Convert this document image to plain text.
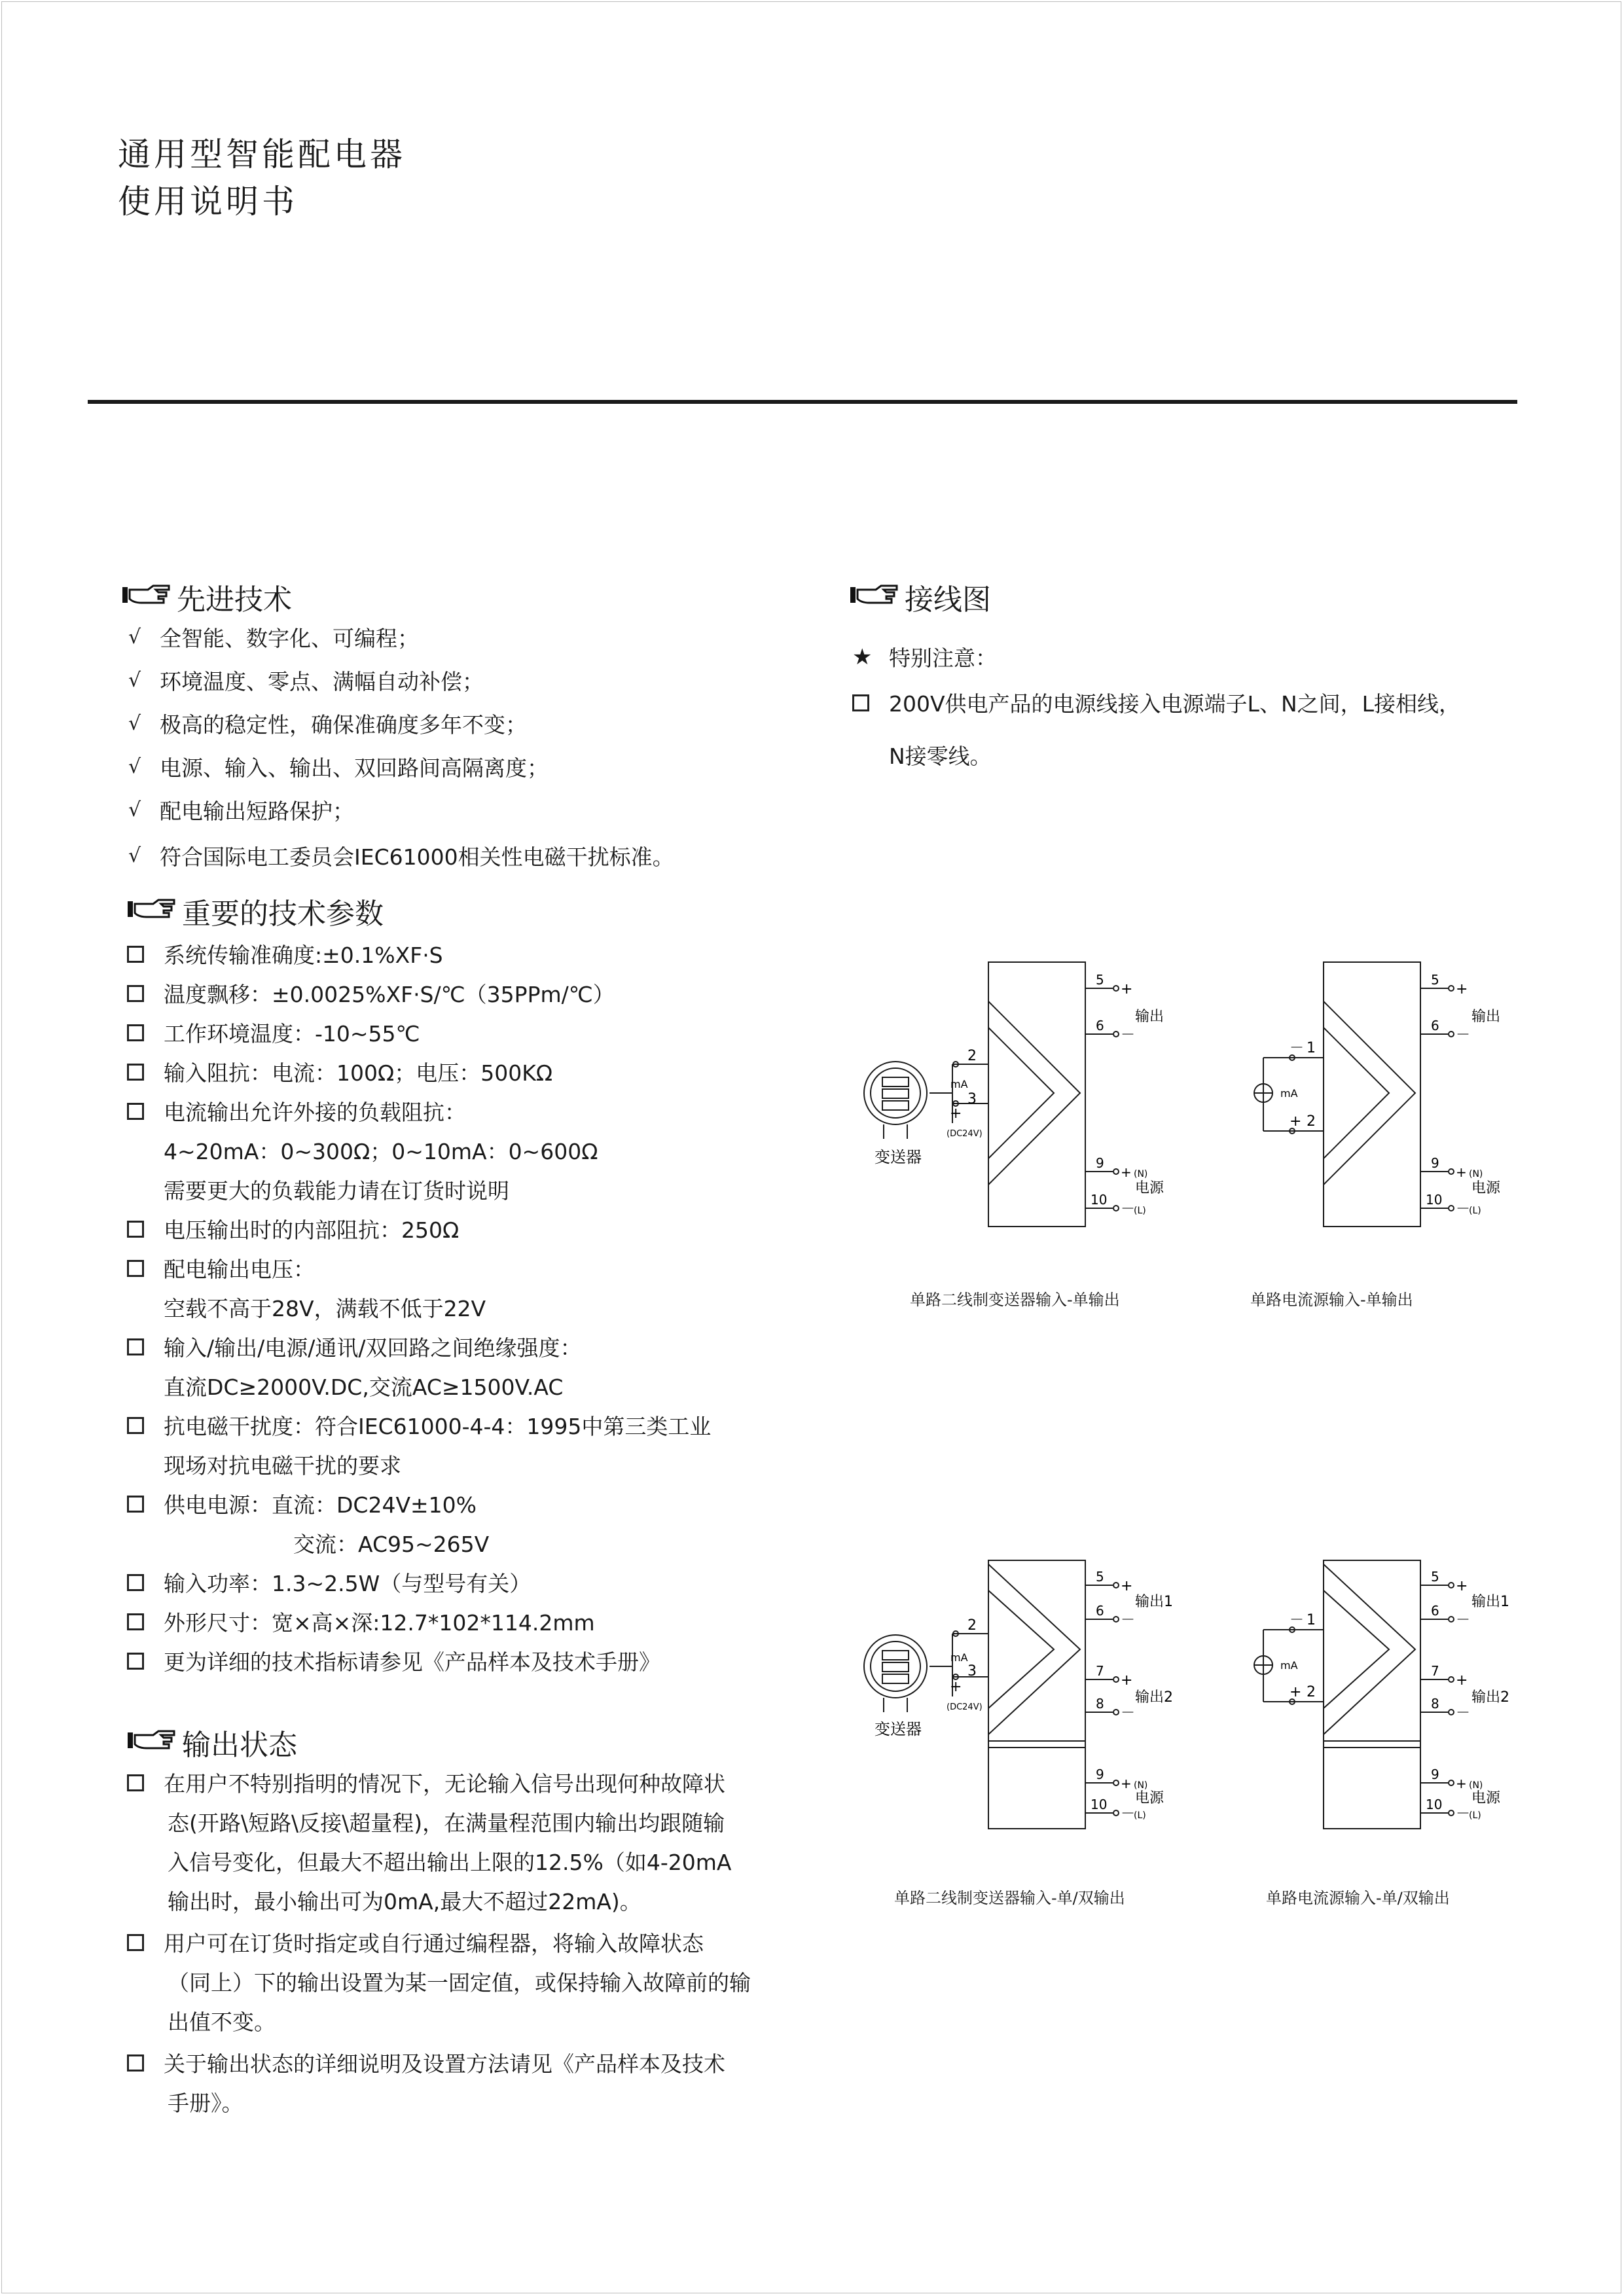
通用型智能配电器
使用说明书
先进技术
√ 全智能、数字化、可编程；
√ 环境温度、零点、满幅自动补偿；
√ 极高的稳定性，确保准确度多年不变；
√ 电源、输入、输出、双回路间高隔离度；
√ 配电输出短路保护；
√ 符合国际电工委员会IEC61000相关性电磁干扰标准。
重要的技术参数
系统传输准确度:±0.1%XF·S
温度飘移：±0.0025%XF·S/℃（35PPm/℃）
工作环境温度：-10~55℃
输入阻抗：电流：100Ω；电压：500KΩ
电流输出允许外接的负载阻抗：
4~20mA：0~300Ω；0~10mA：0~600Ω
需要更大的负载能力请在订货时说明
电压输出时的内部阻抗：250Ω
配电输出电压：
空载不高于28V，满载不低于22V
输入/输出/电源/通讯/双回路之间绝缘强度：
直流DC≥2000V.DC,交流AC≥1500V.AC
抗电磁干扰度：符合IEC61000-4-4：1995中第三类工业
现场对抗电磁干扰的要求
供电电源：直流：DC24V±10%
交流：AC95~265V
输入功率：1.3~2.5W（与型号有关）
外形尺寸：宽×高×深:12.7*102*114.2mm
更为详细的技术指标请参见《产品样本及技术手册》
输出状态
在用户不特别指明的情况下，无论输入信号出现何种故障状
态(开路\短路\反接\超量程)，在满量程范围内输出均跟随输
入信号变化，但最大不超出输出上限的12.5%（如4-20mA
输出时，最小输出可为0mA,最大不超过22mA)。
用户可在订货时指定或自行通过编程器，将输入故障状态
（同上）下的输出设置为某一固定值，或保持输入故障前的输
出值不变。
关于输出状态的详细说明及设置方法请见《产品样本及技术
手册》。
接线图
★ 特别注意：
200V供电产品的电源线接入电源端子L、N之间，L接相线，
N接零线。
2
3
mA
+
(DC24V)
变送器
5
+
输出
6
－
9
+ (N)
电源
10
－
(L)
单路二线制变送器输入-单输出
1
－
2
+
mA
5
+
输出
6
－
9
+ (N)
电源
10
－
(L)
单路电流源输入-单输出
2
3
mA
+
(DC24V)
变送器
5
+
输出1
6
－
7
+
输出2
8
－
9
+ (N)
电源
10
－
(L)
单路二线制变送器输入-单/双输出
1
－
2
+
mA
5
+
输出1
6
－
7
+
输出2
8
－
9
+ (N)
电源
10
－
(L)
单路电流源输入-单/双输出
